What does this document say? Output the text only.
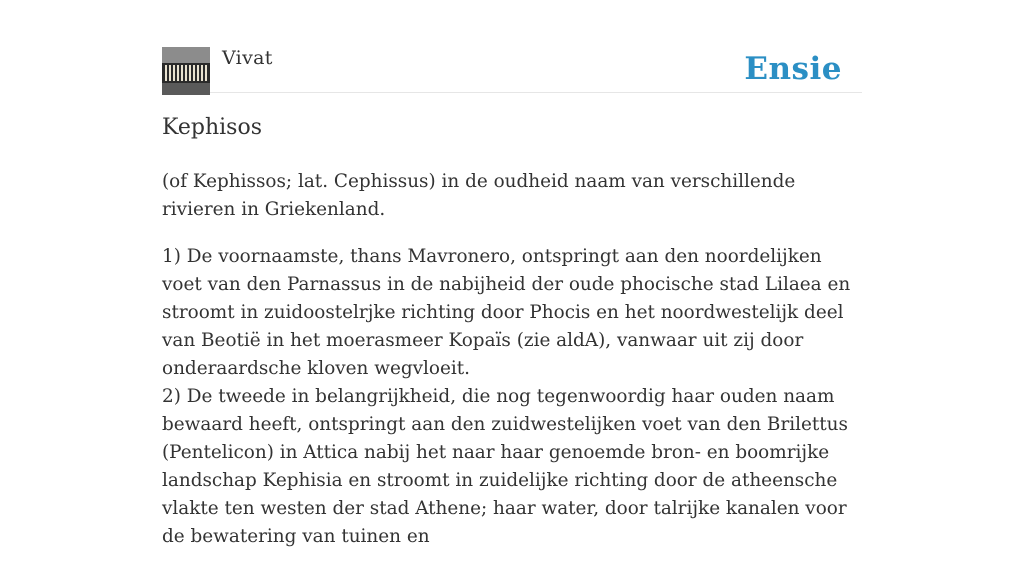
Vivat	Ensie
Kephisos

(of Kephissos; lat. Cephissus) in de oudheid naam van verschillende rivieren in Griekenland.

1) De voornaamste, thans Mavronero, ontspringt aan den noordelijken voet van den Parnassus in de nabijheid der oude phocische stad Lilaea en stroomt in zuidoostelrjke richting door Phocis en het noordwestelijk deel van Beotië in het moerasmeer Kopaïs (zie aldA), vanwaar uit zij door onderaardsche kloven wegvloeit.
2) De tweede in belangrijkheid, die nog tegenwoordig haar ouden naam bewaard heeft, ontspringt aan den zuidwestelijken voet van den Brilettus (Pentelicon) in Attica nabij het naar haar genoemde bron- en boomrijke landschap Kephisia en stroomt in zuidelijke richting door de atheensche vlakte ten westen der stad Athene; haar water, door talrijke kanalen voor de bewatering van tuinen en
